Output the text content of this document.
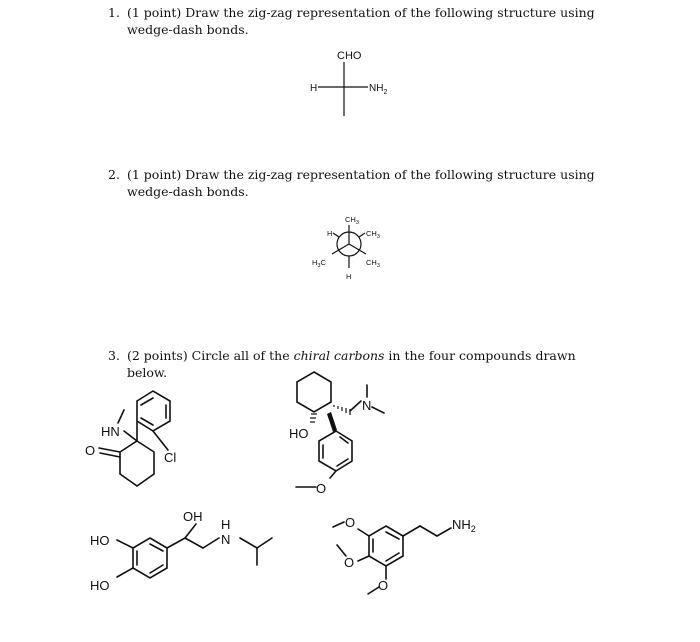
1. (1 point) Draw the zig-zag representation of the following structure using wedge-dash bonds.
2. (1 point) Draw the zig-zag representation of the following structure using wedge-dash bonds.
3. (2 points) Circle all of the chiral carbons in the four compounds drawn below.
CHO
H	$NH_2$
$CH_3$
H	$CH_3$
$H_3C$	$CH_3$
H
HN
Cl
O
HO
N
O
OH
HO
HO
H
N
O
O
O
$NH_2$
